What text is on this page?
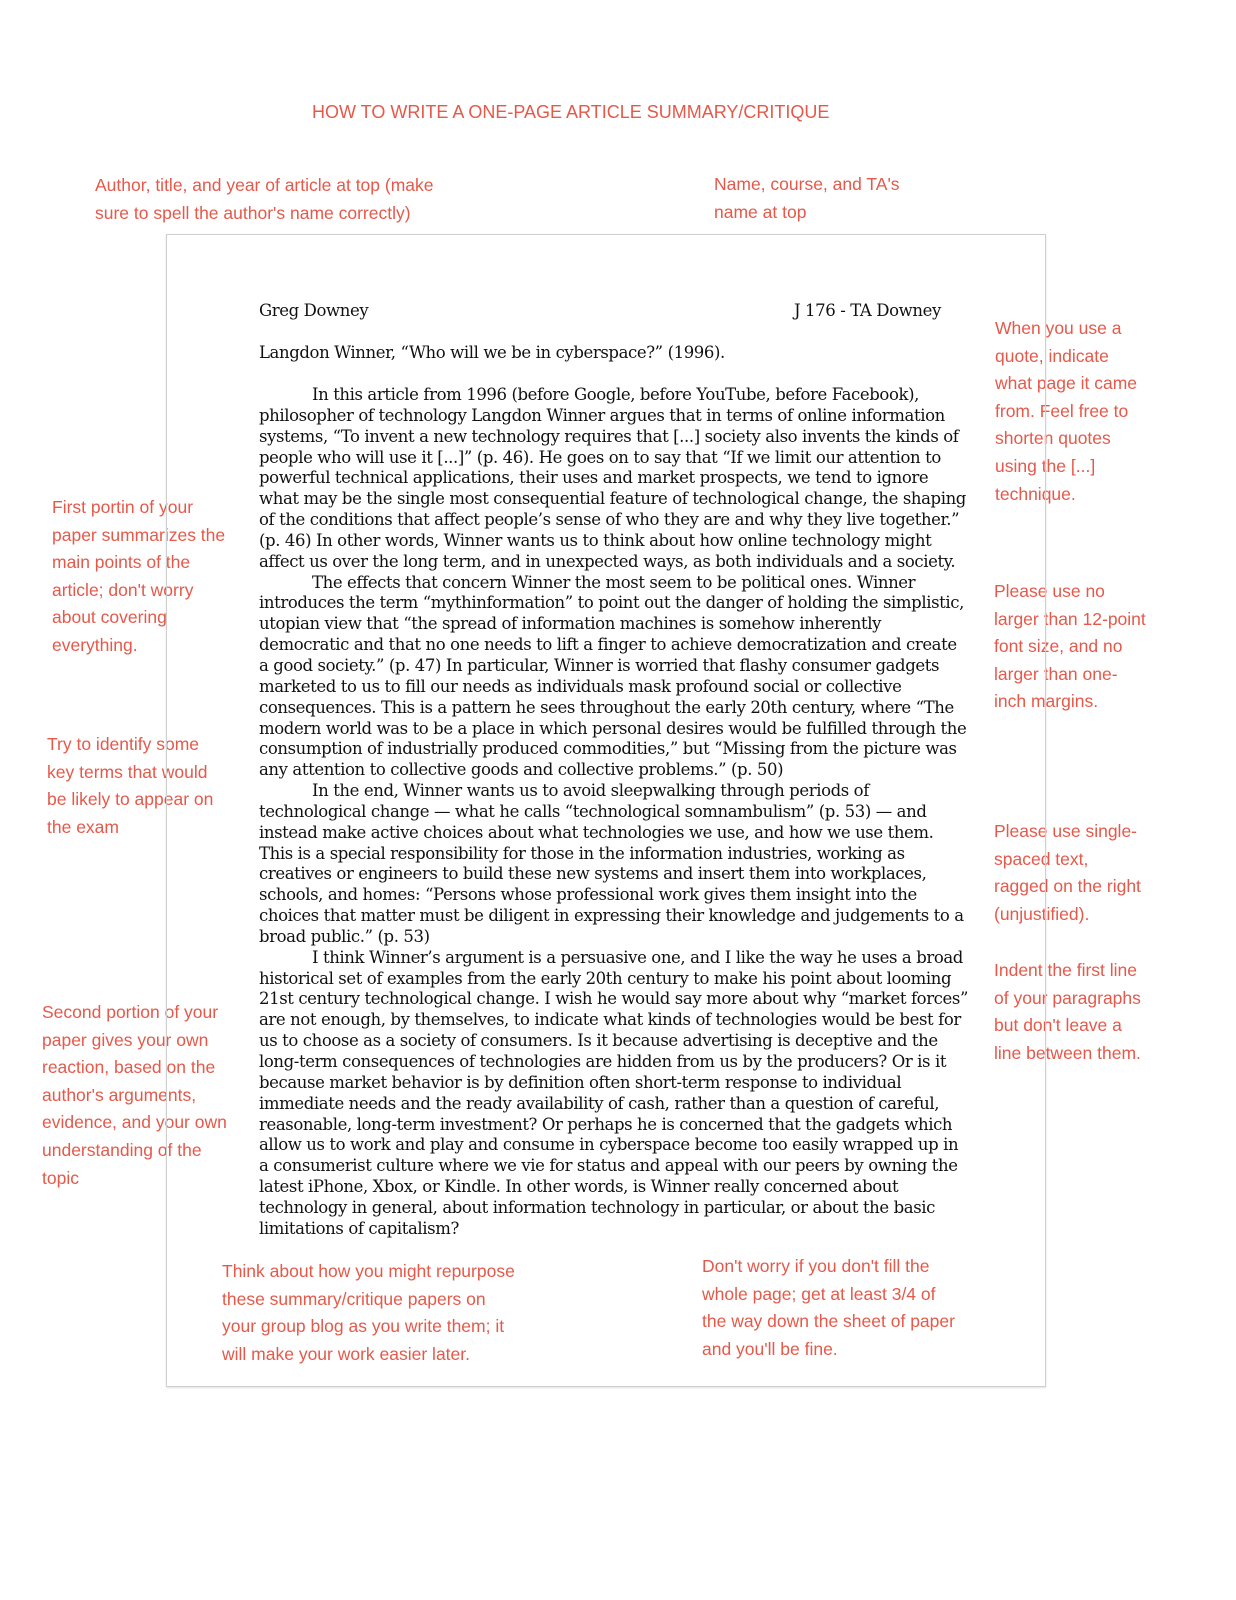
HOW TO WRITE A ONE-PAGE ARTICLE SUMMARY/CRITIQUE
Author, title, and year of article at top (make
sure to spell the author's name correctly)
Name, course, and TA's
name at top
When you use a
quote, indicate
what page it came
from. Feel free to
shorten quotes
using the [...]
technique.
First portin of your
paper summarizes the
main points of the
article; don't worry
about covering
everything.
Please use no
larger than 12-point
font size, and no
larger than one-
inch margins.
Try to identify some
key terms that would
be likely to appear on
the exam	Please use single-
spaced text,
ragged on the right
(unjustified).
Indent the first line
of your paragraphs
but don't leave a
line between them.
Second portion of your
paper gives your own
reaction, based on the
author's arguments,
evidence, and your own
understanding of the
topic
Think about how you might repurpose
these summary/critique papers on
your group blog as you write them; it
will make your work easier later.
Don't worry if you don't fill the
whole page; get at least 3/4 of
the way down the sheet of paper
and you'll be fine.
Greg Downey	J 176 - TA Downey
Langdon Winner, “Who will we be in cyberspace?” (1996).

In this article from 1996 (before Google, before YouTube, before Facebook), philosopher of technology Langdon Winner argues that in terms of online information systems, “To invent a new technology requires that [...] society also invents the kinds of people who will use it [...]” (p. 46). He goes on to say that “If we limit our attention to powerful technical applications, their uses and market prospects, we tend to ignore what may be the single most consequential feature of technological change, the shaping of the conditions that affect people’s sense of who they are and why they live together.” (p. 46) In other words, Winner wants us to think about how online technology might affect us over the long term, and in unexpected ways, as both individuals and a society.

The effects that concern Winner the most seem to be political ones. Winner introduces the term “mythinformation” to point out the danger of holding the simplistic, utopian view that “the spread of information machines is somehow inherently democratic and that no one needs to lift a finger to achieve democratization and create a good society.” (p. 47) In particular, Winner is worried that flashy consumer gadgets marketed to us to fill our needs as individuals mask profound social or collective consequences. This is a pattern he sees throughout the early 20th century, where “The modern world was to be a place in which personal desires would be fulfilled through the consumption of industrially produced commodities,” but “Missing from the picture was any attention to collective goods and collective problems.” (p. 50)

In the end, Winner wants us to avoid sleepwalking through periods of technological change — what he calls “technological somnambulism” (p. 53) — and instead make active choices about what technologies we use, and how we use them. This is a special responsibility for those in the information industries, working as creatives or engineers to build these new systems and insert them into workplaces, schools, and homes: “Persons whose professional work gives them insight into the choices that matter must be diligent in expressing their knowledge and judgements to a broad public.” (p. 53)

I think Winner’s argument is a persuasive one, and I like the way he uses a broad historical set of examples from the early 20th century to make his point about looming 21st century technological change. I wish he would say more about why “market forces” are not enough, by themselves, to indicate what kinds of technologies would be best for us to choose as a society of consumers. Is it because advertising is deceptive and the long-term consequences of technologies are hidden from us by the producers? Or is it because market behavior is by definition often short-term response to individual immediate needs and the ready availability of cash, rather than a question of careful, reasonable, long-term investment? Or perhaps he is concerned that the gadgets which allow us to work and play and consume in cyberspace become too easily wrapped up in a consumerist culture where we vie for status and appeal with our peers by owning the latest iPhone, Xbox, or Kindle. In other words, is Winner really concerned about technology in general, about information technology in particular, or about the basic limitations of capitalism?
